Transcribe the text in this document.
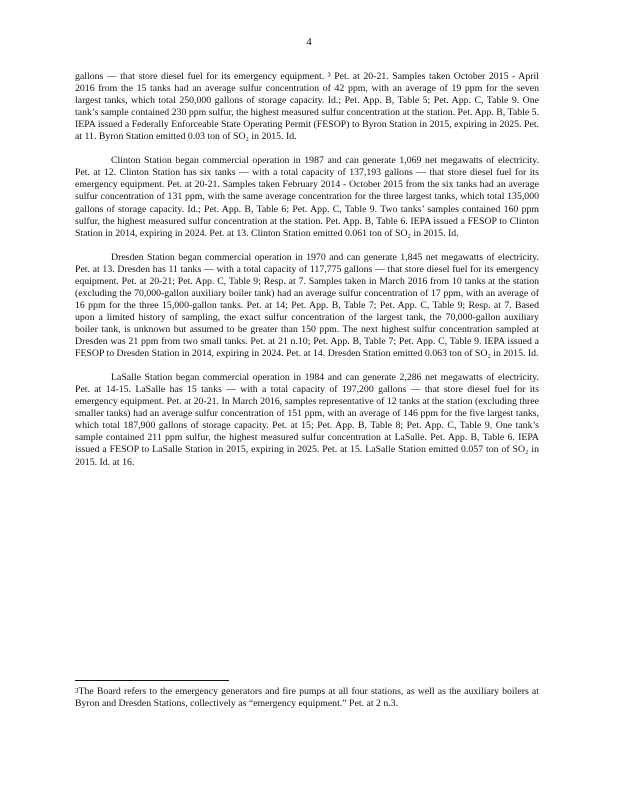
4

gallons — that store diesel fuel for its emergency equipment. ³ Pet. at 20-21. Samples taken October 2015 - April 2016 from the 15 tanks had an average sulfur concentration of 42 ppm, with an average of 19 ppm for the seven largest tanks, which total 250,000 gallons of storage capacity. Id.; Pet. App. B, Table 5; Pet. App. C, Table 9. One tank’s sample contained 230 ppm sulfur, the highest measured sulfur concentration at the station. Pet. App. B, Table 5. IEPA issued a Federally Enforceable State Operating Permit (FESOP) to Byron Station in 2015, expiring in 2025. Pet. at 11. Byron Station emitted 0.03 ton of SO₂ in 2015. Id.

Clinton Station began commercial operation in 1987 and can generate 1,069 net megawatts of electricity. Pet. at 12. Clinton Station has six tanks — with a total capacity of 137,193 gallons — that store diesel fuel for its emergency equipment. Pet. at 20-21. Samples taken February 2014 - October 2015 from the six tanks had an average sulfur concentration of 131 ppm, with the same average concentration for the three largest tanks, which total 135,000 gallons of storage capacity. Id.; Pet. App. B, Table 6; Pet. App. C, Table 9. Two tanks’ samples contained 160 ppm sulfur, the highest measured sulfur concentration at the station. Pet. App. B, Table 6. IEPA issued a FESOP to Clinton Station in 2014, expiring in 2024. Pet. at 13. Clinton Station emitted 0.061 ton of SO₂ in 2015. Id.

Dresden Station began commercial operation in 1970 and can generate 1,845 net megawatts of electricity. Pet. at 13. Dresden has 11 tanks — with a total capacity of 117,775 gallons — that store diesel fuel for its emergency equipment. Pet. at 20-21; Pet. App. C, Table 9; Resp. at 7. Samples taken in March 2016 from 10 tanks at the station (excluding the 70,000-gallon auxiliary boiler tank) had an average sulfur concentration of 17 ppm, with an average of 16 ppm for the three 15,000-gallon tanks. Pet. at 14; Pet. App. B, Table 7; Pet. App. C, Table 9; Resp. at 7. Based upon a limited history of sampling, the exact sulfur concentration of the largest tank, the 70,000-gallon auxiliary boiler tank, is unknown but assumed to be greater than 150 ppm. The next highest sulfur concentration sampled at Dresden was 21 ppm from two small tanks. Pet. at 21 n.10; Pet. App. B, Table 7; Pet. App. C, Table 9. IEPA issued a FESOP to Dresden Station in 2014, expiring in 2024. Pet. at 14. Dresden Station emitted 0.063 ton of SO₂ in 2015. Id.

LaSalle Station began commercial operation in 1984 and can generate 2,286 net megawatts of electricity. Pet. at 14-15. LaSalle has 15 tanks — with a total capacity of 197,200 gallons — that store diesel fuel for its emergency equipment. Pet. at 20-21. In March 2016, samples representative of 12 tanks at the station (excluding three smaller tanks) had an average sulfur concentration of 151 ppm, with an average of 146 ppm for the five largest tanks, which total 187,900 gallons of storage capacity. Pet. at 15; Pet. App. B, Table 8; Pet. App. C, Table 9. One tank’s sample contained 211 ppm sulfur, the highest measured sulfur concentration at LaSalle. Pet. App. B, Table 6. IEPA issued a FESOP to LaSalle Station in 2015, expiring in 2025. Pet. at 15. LaSalle Station emitted 0.057 ton of SO₂ in 2015. Id. at 16.

$^3$The Board refers to the emergency generators and fire pumps at all four stations, as well as the auxiliary boilers at Byron and Dresden Stations, collectively as “emergency equipment.” Pet. at 2 n.3.
